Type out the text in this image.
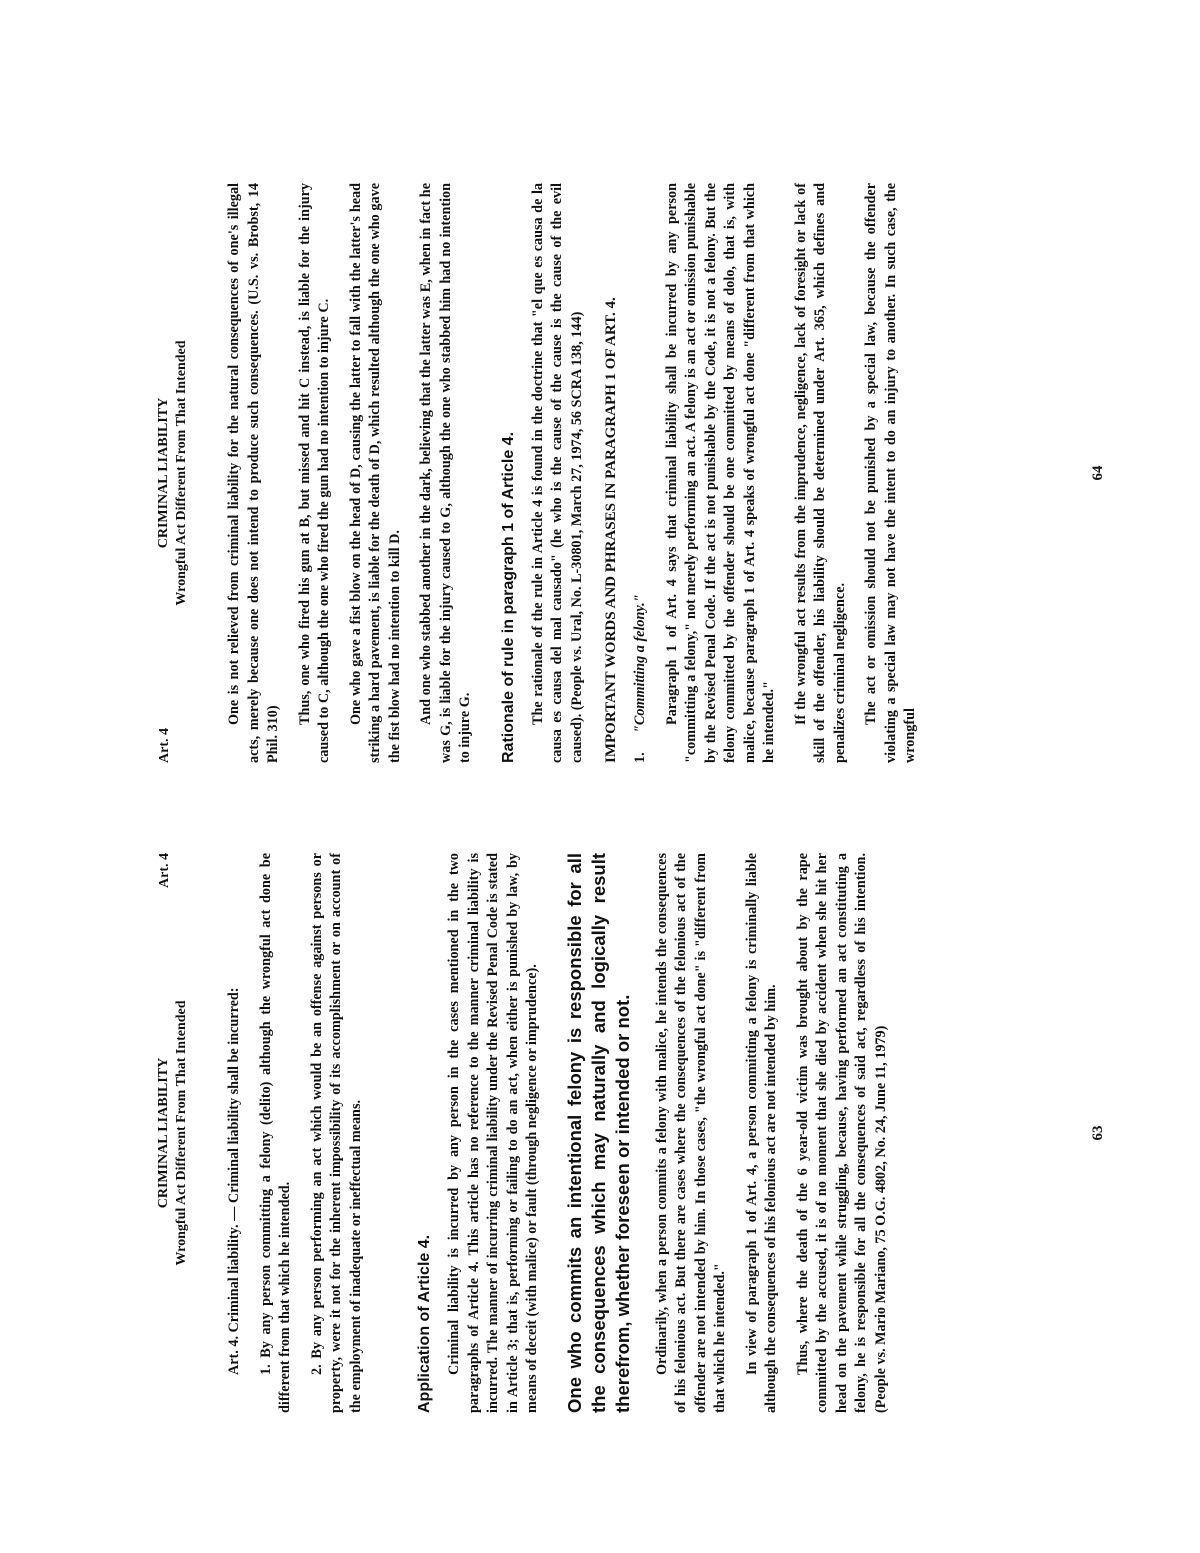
CRIMINAL LIABILITY Wrongful Act Different From That Intended
Art. 4

Art. 4. Criminal liability. — Criminal liability shall be incurred: 1. By any person committing a felony (delito) although the wrongful act done be different from that which he intended. 2. By any person performing an act which would be an offense against persons or property, were it not for the inherent impossibility of its accomplishment or on account of the employment of inadequate or ineffectual means.	Application of Article 4. Criminal liability is incurred by any person in the cases mentioned in the two paragraphs of Article 4. This article has no reference to the manner criminal liability is incurred. The manner of incurring criminal liability under the Revised Penal Code is stated in Article 3; that is, performing or failing to do an act, when either is punished by law, by means of deceit (with malice) or fault (through negligence or imprudence). One who commits an intentional felony is responsible for all the consequences which may naturally and logically result therefrom, whether foreseen or intended or not. Ordinarily, when a person commits a felony with malice, he intends the consequences of his felonious act. But there are cases where the consequences of the felonious act of the offender are not intended by him. In those cases, "the wrongful act done" is "different from that which he intended." In view of paragraph 1 of Art. 4, a person committing a felony is criminally liable although the consequences of his felonious act are not intended by him. Thus, where the death of the 6 year-old victim was brought about by the rape committed by the accused, it is of no moment that she died by accident when she hit her head on the pavement while struggling, because, having performed an act constituting a felony, he is responsible for all the consequences of said act, regardless of his intention. (People vs. Mario Mariano, 75 O.G. 4802, No. 24, June 11, 1979)	63
CRIMINAL LIABILITY Wrongful Act Different From That Intended
Art. 4

One is not relieved from criminal liability for the natural consequences of one's illegal acts, merely because one does not intend to produce such consequences. (U.S. vs. Brobst, 14 Phil. 310)

Thus, one who fired his gun at B, but missed and hit C instead, is liable for the injury caused to C, although the one who fired the gun had no intention to injure C. One who gave a fist blow on the head of D, causing the latter to fall with the latter's head striking a hard pavement, is liable for the death of D, which resulted although the one who gave the fist blow had no intention to kill D. And one who stabbed another in the dark, believing that the latter was E, when in fact he was G, is liable for the injury caused to G, although the one who stabbed him had no intention to injure G. Rationale of rule in paragraph 1 of Article 4. The rationale of the rule in Article 4 is found in the doctrine that "el que es causa de la causa es causa del mal causado" (he who is the cause of the cause is the cause of the evil caused). (People vs. Ural, No. L-30801, March 27, 1974, 56 SCRA 138, 144) IMPORTANT WORDS AND PHRASES IN PARAGRAPH 1 OF ART. 4. 1."Committing a felony." Paragraph 1 of Art. 4 says that criminal liability shall be incurred by any person "committing a felony," not merely performing an act. A felony is an act or omission punishable by the Revised Penal Code. If the act is not punishable by the Code, it is not a felony. But the felony committed by the offender should be one committed by means of dolo, that is, with malice, because paragraph 1 of Art. 4 speaks of wrongful act done "different from that which he intended." If the wrongful act results from the imprudence, negligence, lack of foresight or lack of skill of the offender, his liability should be determined under Art. 365, which defines and penalizes criminal negligence. The act or omission should not be punished by a special law, because the offender violating a special law may not have the intent to do an injury to another. In such case, the wrongful

64
